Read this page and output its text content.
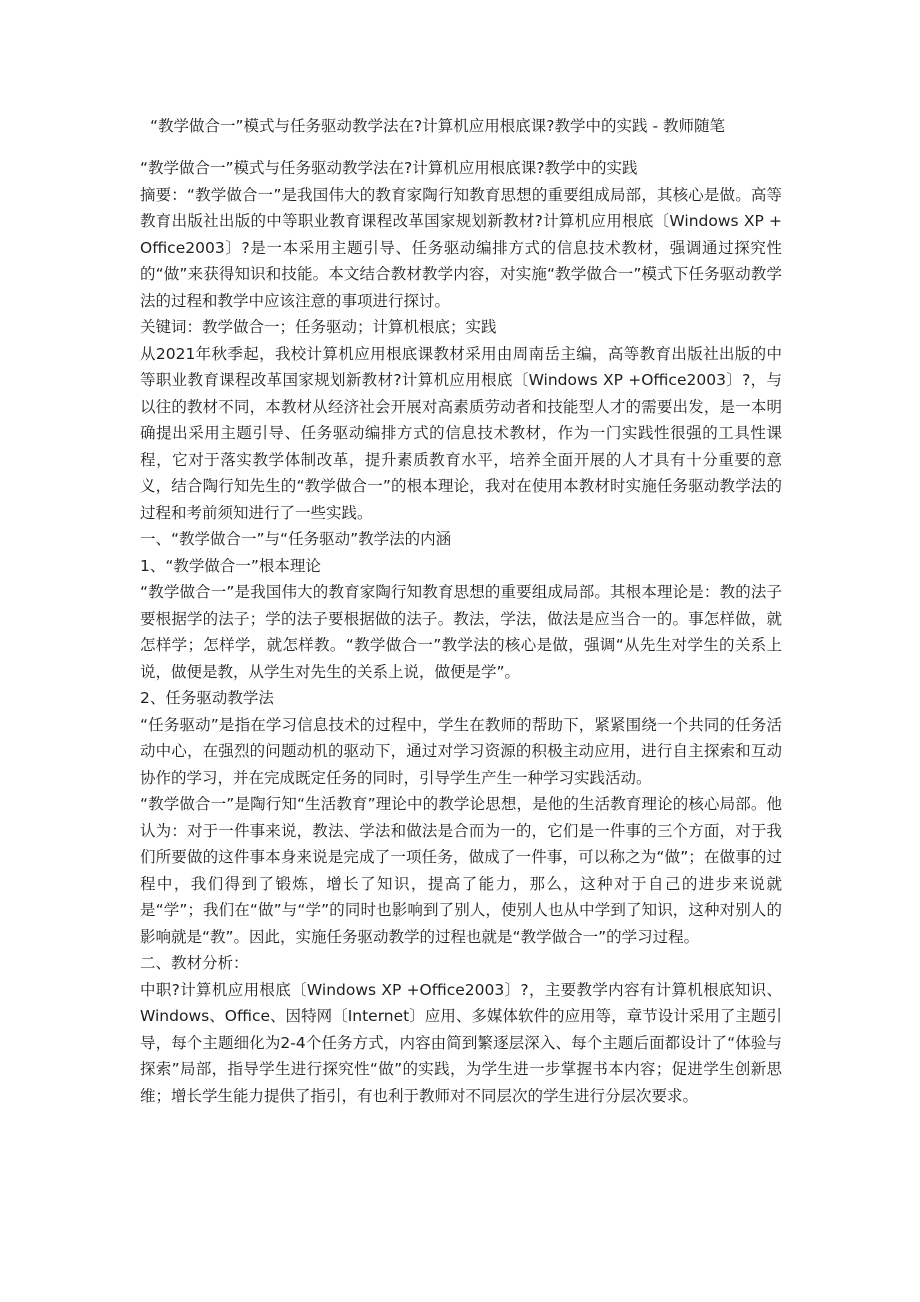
“教学做合一”模式与任务驱动教学法在?计算机应用根底课?教学中的实践 - 教师随笔

“教学做合一”模式与任务驱动教学法在?计算机应用根底课?教学中的实践

摘要：“教学做合一”是我国伟大的教育家陶行知教育思想的重要组成局部，其核心是做。高等教育出版社出版的中等职业教育课程改革国家规划新教材?计算机应用根底〔Windows XP +Office2003〕?是一本采用主题引导、任务驱动编排方式的信息技术教材，强调通过探究性的“做”来获得知识和技能。本文结合教材教学内容，对实施“教学做合一”模式下任务驱动教学法的过程和教学中应该注意的事项进行探讨。

关键词：教学做合一；任务驱动；计算机根底；实践

从2021年秋季起，我校计算机应用根底课教材采用由周南岳主编，高等教育出版社出版的中等职业教育课程改革国家规划新教材?计算机应用根底〔Windows XP +Office2003〕?，与以往的教材不同，本教材从经济社会开展对高素质劳动者和技能型人才的需要出发，是一本明确提出采用主题引导、任务驱动编排方式的信息技术教材，作为一门实践性很强的工具性课程，它对于落实教学体制改革，提升素质教育水平，培养全面开展的人才具有十分重要的意义，结合陶行知先生的“教学做合一”的根本理论，我对在使用本教材时实施任务驱动教学法的过程和考前须知进行了一些实践。

一、“教学做合一”与“任务驱动”教学法的内涵

1、“教学做合一”根本理论

“教学做合一”是我国伟大的教育家陶行知教育思想的重要组成局部。其根本理论是：教的法子要根据学的法子；学的法子要根据做的法子。教法，学法，做法是应当合一的。事怎样做，就怎样学；怎样学，就怎样教。“教学做合一”教学法的核心是做，强调“从先生对学生的关系上说，做便是教，从学生对先生的关系上说，做便是学”。

2、任务驱动教学法

“任务驱动”是指在学习信息技术的过程中，学生在教师的帮助下，紧紧围绕一个共同的任务活动中心，在强烈的问题动机的驱动下，通过对学习资源的积极主动应用，进行自主探索和互动协作的学习，并在完成既定任务的同时，引导学生产生一种学习实践活动。

“教学做合一”是陶行知“生活教育”理论中的教学论思想，是他的生活教育理论的核心局部。他认为：对于一件事来说，教法、学法和做法是合而为一的，它们是一件事的三个方面，对于我们所要做的这件事本身来说是完成了一项任务，做成了一件事，可以称之为“做”；在做事的过程中，我们得到了锻炼，增长了知识，提高了能力，那么，这种对于自己的进步来说就是“学”；我们在“做”与“学”的同时也影响到了别人，使别人也从中学到了知识，这种对别人的影响就是“教”。因此，实施任务驱动教学的过程也就是“教学做合一”的学习过程。

二、教材分析：

中职?计算机应用根底〔Windows XP +Office2003〕?，主要教学内容有计算机根底知识、Windows、Office、因特网〔Internet〕应用、多媒体软件的应用等，章节设计采用了主题引导，每个主题细化为2-4个任务方式，内容由简到繁逐层深入、每个主题后面都设计了“体验与探索”局部，指导学生进行探究性“做”的实践，为学生进一步掌握书本内容；促进学生创新思维；增长学生能力提供了指引，有也利于教师对不同层次的学生进行分层次要求。
